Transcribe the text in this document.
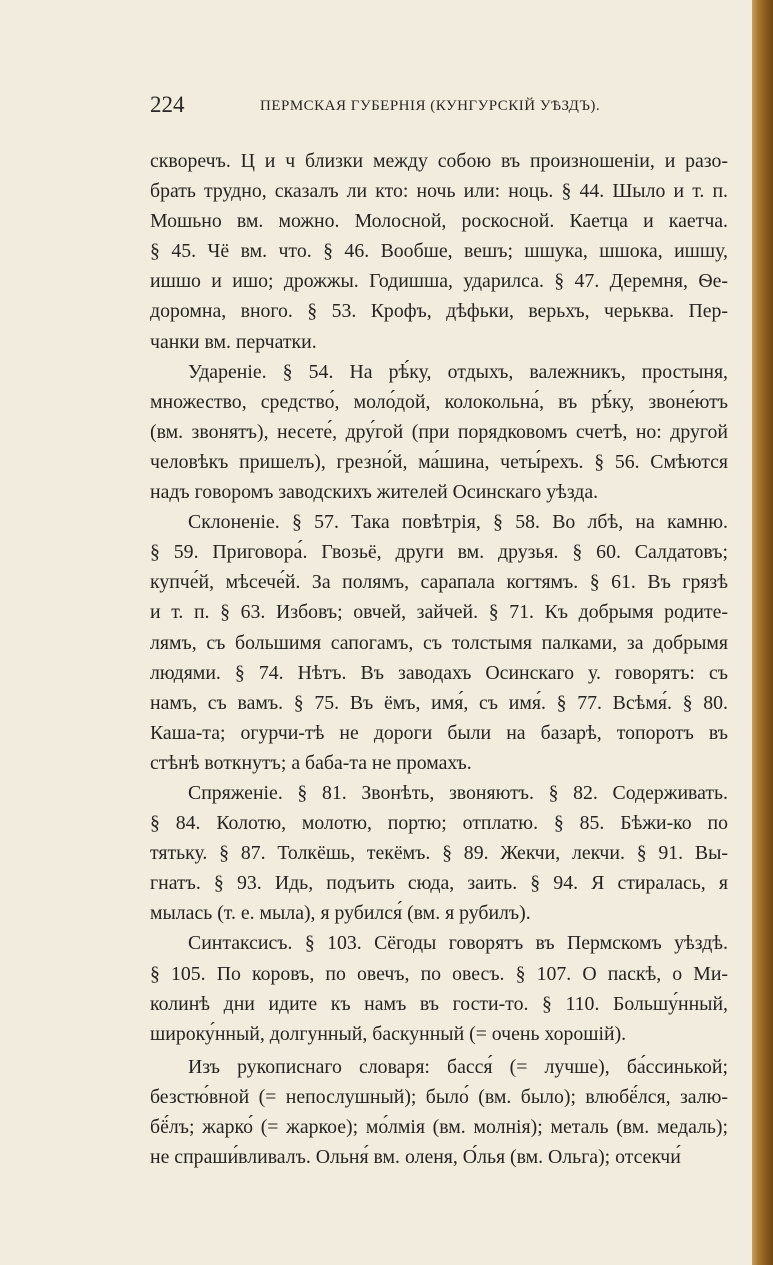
224	ПЕРМСКАЯ ГУБЕРНІЯ (КУНГУРСКІЙ УѢЗДЪ).

скворечъ. Ц и ч близки между собою въ произношеніи, и разо-
брать трудно, сказалъ ли кто: ночь или: ноць. § 44. Шыло и т. п.
Мошьно вм. можно. Молосной, роскосной. Каетца и каетча.
§ 45. Чё вм. что. § 46. Вообше, вешъ; шшука, шшока, ишшу,
ишшо и ишо; дрожжы. Годишша, ударилса. § 47. Деремня, Ѳе-
доромна, вного. § 53. Крофъ, дѣфьки, верьхъ, черьква. Пер-
чанки вм. перчатки.

Удареніе. § 54. На рѣ́ку, отдыхъ, валежникъ, простыня,
множество, средство́, моло́дой, колокольна́, въ рѣ́ку, звоне́ютъ
(вм. звонятъ), несете́, дру́гой (при порядковомъ счетѣ, но: другой
человѣкъ пришелъ), грезно́й, ма́шина, четы́рехъ. § 56. Смѣются
надъ говоромъ заводскихъ жителей Осинскаго уѣзда.

Склоненіе. § 57. Така повѣтрія, § 58. Во лбѣ, на камню.
§ 59. Приговора́. Гвозьё, други вм. друзья. § 60. Салдатовъ;
купче́й, мѣсече́й. За полямъ, сарапала когтямъ. § 61. Въ грязѣ
и т. п. § 63. Избовъ; овчей, зайчей. § 71. Къ добрымя родите-
лямъ, съ большимя сапогамъ, съ толстымя палками, за добрымя
людями. § 74. Нѣтъ. Въ заводахъ Осинскаго у. говорятъ: съ
намъ, съ вамъ. § 75. Въ ёмъ, имя́, съ имя́. § 77. Всѣмя́. § 80.
Каша-та; огурчи-тѣ не дороги были на базарѣ, топоротъ въ
стѣнѣ воткнутъ; а баба-та не промахъ.

Спряженіе. § 81. Звонѣть, звоняютъ. § 82. Содерживать.
§ 84. Колотю, молотю, портю; отплатю. § 85. Бѣжи-ко по
тятьку. § 87. Толкёшь, текёмъ. § 89. Жекчи, лекчи. § 91. Вы-
гнатъ. § 93. Идь, подъить сюда, заить. § 94. Я стиралась, я
мылась (т. е. мыла), я рубился́ (вм. я рубилъ).

Синтаксисъ. § 103. Сёгоды говорятъ въ Пермскомъ уѣздѣ.
§ 105. По коровъ, по овечъ, по овесъ. § 107. О паскѣ, о Ми-
колинѣ дни идите къ намъ въ гости-то. § 110. Большу́нный,
широку́нный, долгунный, баскунный (= очень хорошій).

Изъ рукописнаго словаря: басся́ (= лучше), ба́ссинькой;
безстю́вной (= непослушный); было́ (вм. было); влюбё́лся, залю-
бё́лъ; жарко́ (= жаркое); мо́лмія (вм. молнія); металь (вм. медаль);
не спраши́вливалъ. Ольня́ вм. оленя, О́лья (вм. Ольга); отсекчи́
